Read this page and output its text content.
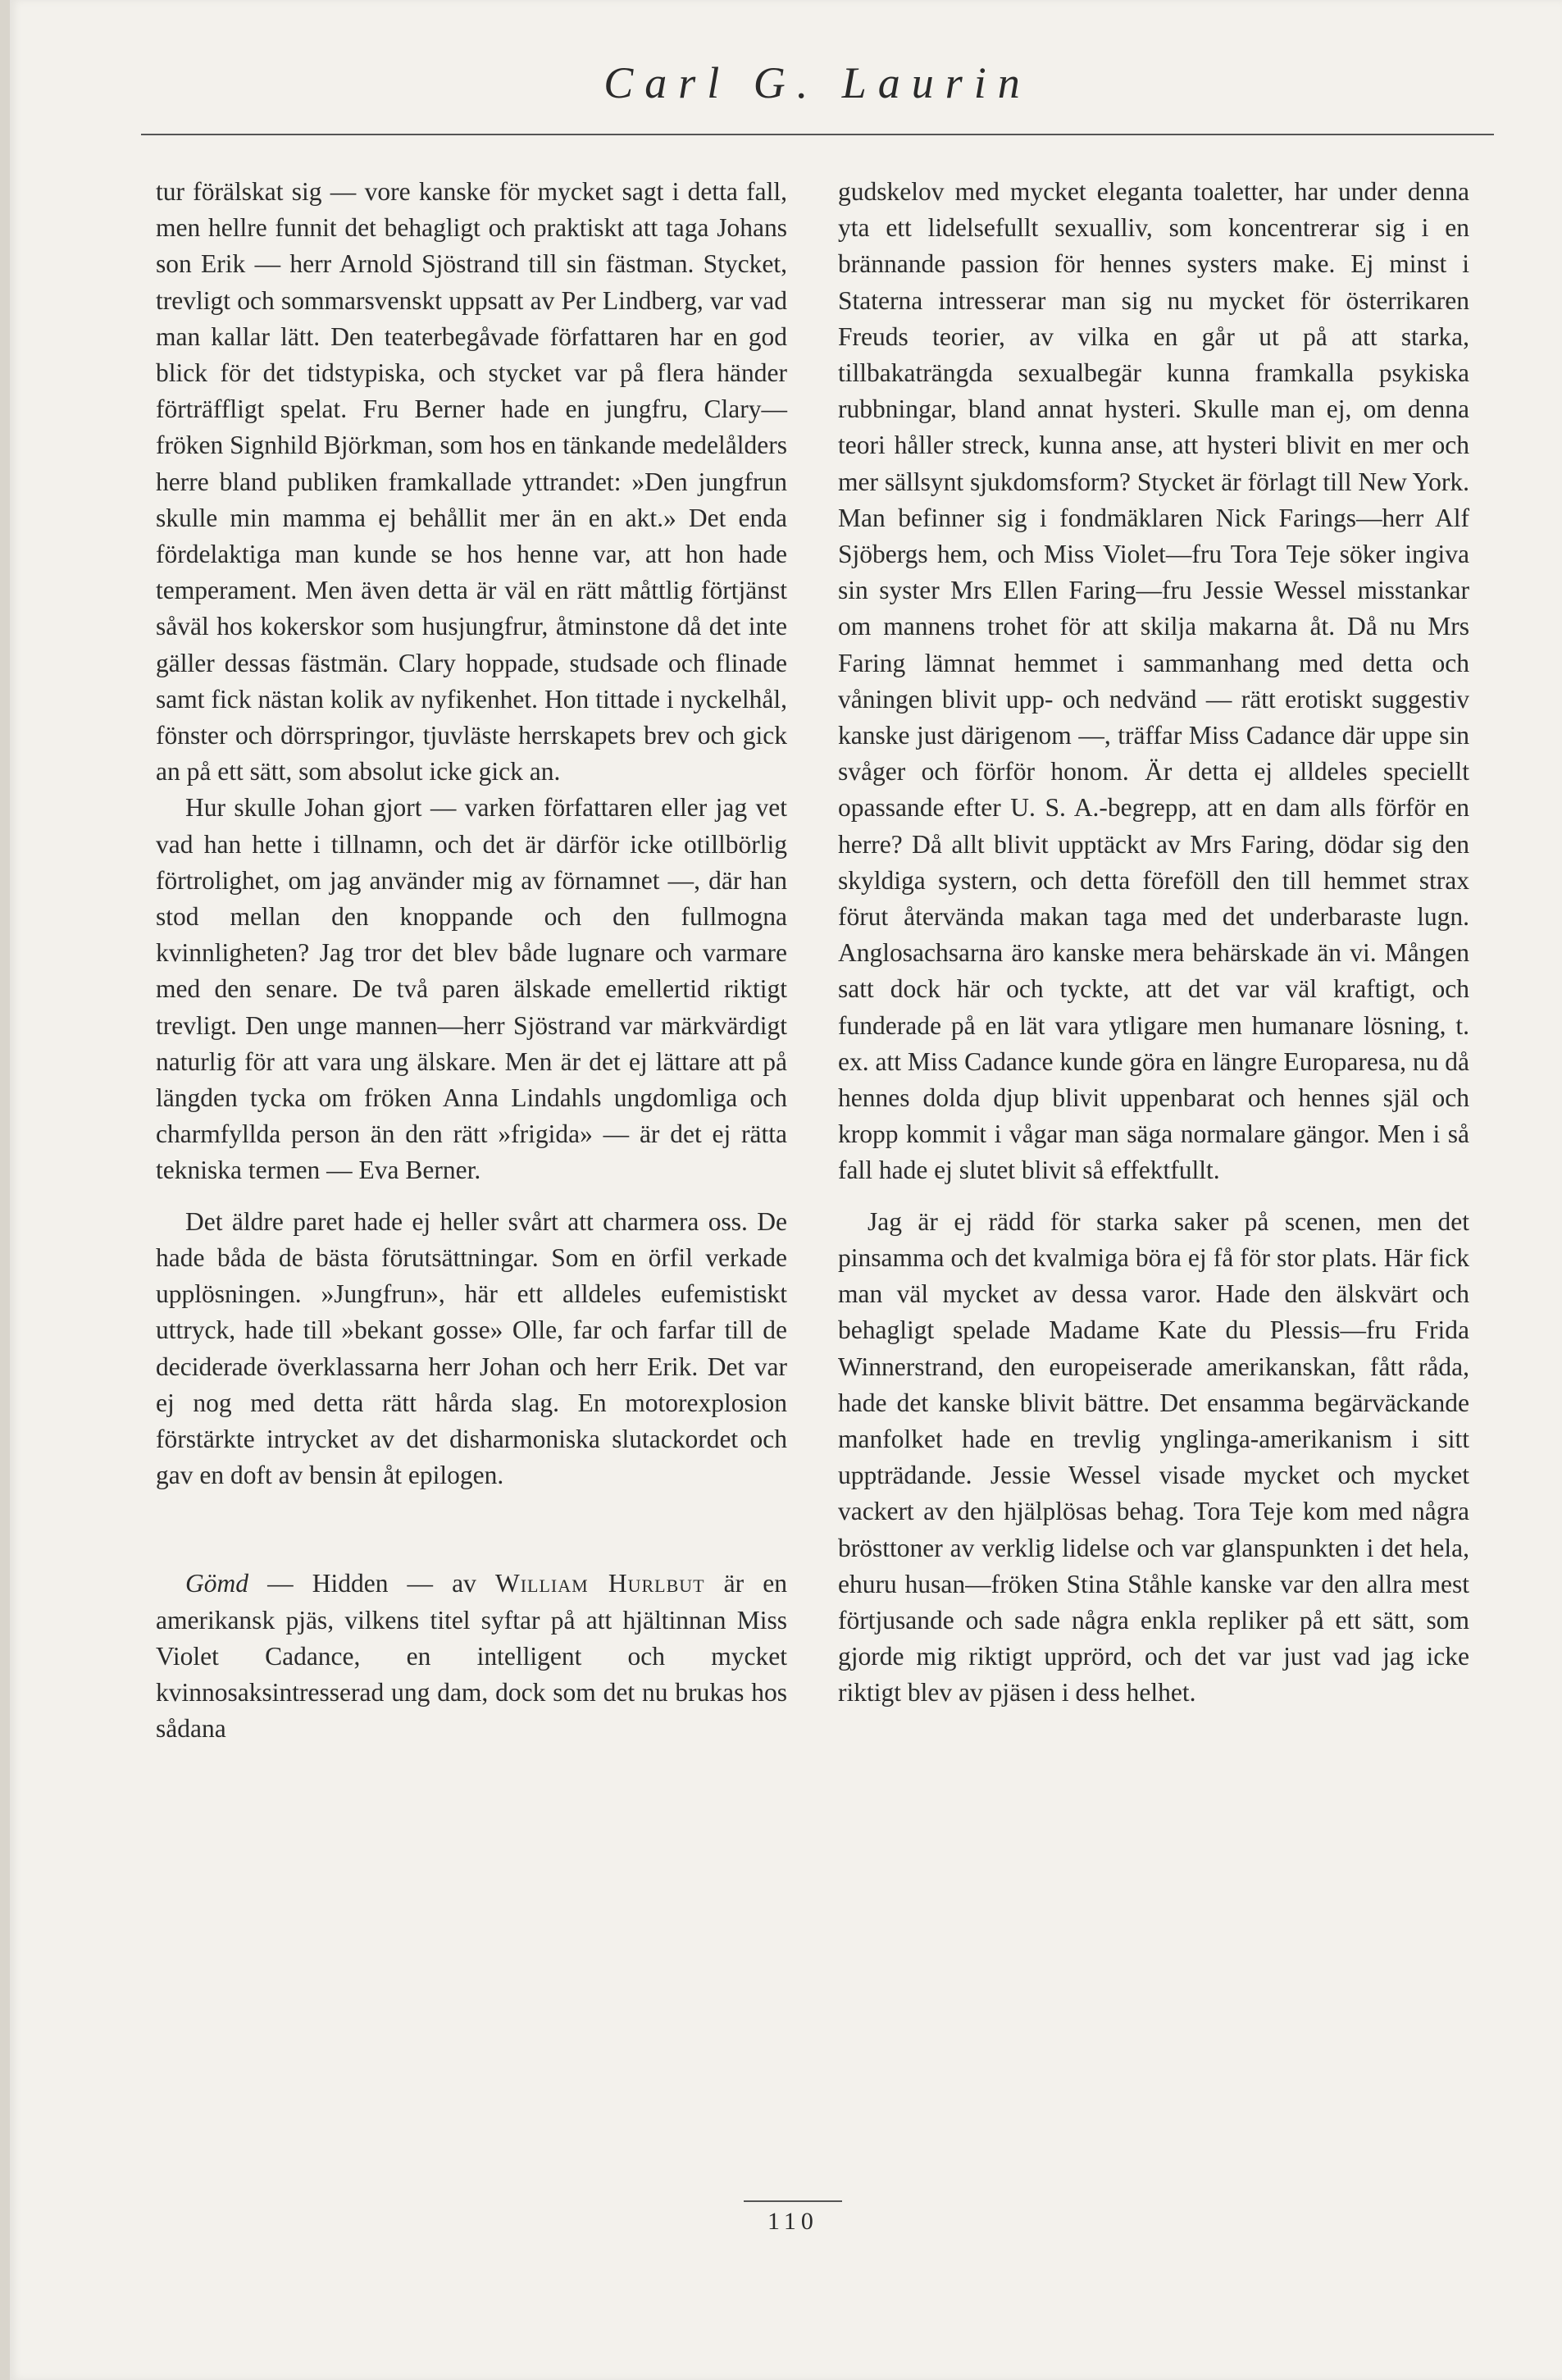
Carl G. Laurin

tur förälskat sig — vore kanske för mycket sagt i detta fall, men hellre funnit det behagligt och praktiskt att taga Johans son Erik — herr Arnold Sjöstrand till sin fästman. Stycket, trevligt och sommarsvenskt uppsatt av Per Lindberg, var vad man kallar lätt. Den teaterbegåvade författaren har en god blick för det tidstypiska, och stycket var på flera händer förträffligt spelat. Fru Berner hade en jungfru, Clary—fröken Signhild Björkman, som hos en tänkande medelålders herre bland publiken framkallade yttrandet: »Den jungfrun skulle min mamma ej behållit mer än en akt.» Det enda fördelaktiga man kunde se hos henne var, att hon hade temperament. Men även detta är väl en rätt måttlig förtjänst såväl hos kokerskor som husjungfrur, åtminstone då det inte gäller dessas fästmän. Clary hoppade, studsade och flinade samt fick nästan kolik av nyfikenhet. Hon tittade i nyckelhål, fönster och dörrspringor, tjuvläste herrskapets brev och gick an på ett sätt, som absolut icke gick an.

Hur skulle Johan gjort — varken författaren eller jag vet vad han hette i tillnamn, och det är därför icke otillbörlig förtrolighet, om jag använder mig av förnamnet —, där han stod mellan den knoppande och den fullmogna kvinnligheten? Jag tror det blev både lugnare och varmare med den senare. De två paren älskade emellertid riktigt trevligt. Den unge mannen—herr Sjöstrand var märkvärdigt naturlig för att vara ung älskare. Men är det ej lättare att på längden tycka om fröken Anna Lindahls ungdomliga och charmfyllda person än den rätt »frigida» — är det ej rätta tekniska termen — Eva Berner.

Det äldre paret hade ej heller svårt att charmera oss. De hade båda de bästa förutsättningar. Som en örfil verkade upplösningen. »Jungfrun», här ett alldeles eufemistiskt uttryck, hade till »bekant gosse» Olle, far och farfar till de deciderade överklassarna herr Johan och herr Erik. Det var ej nog med detta rätt hårda slag. En motorexplosion förstärkte intrycket av det disharmoniska slutackordet och gav en doft av bensin åt epilogen.

Gömd — Hidden — av William Hurlbut är en amerikansk pjäs, vilkens titel syftar på att hjältinnan Miss Violet Cadance, en intelligent och mycket kvinnosaksintresserad ung dam, dock som det nu brukas hos sådana

gudskelov med mycket eleganta toaletter, har under denna yta ett lidelsefullt sexualliv, som koncentrerar sig i en brännande passion för hennes systers make. Ej minst i Staterna intresserar man sig nu mycket för österrikaren Freuds teorier, av vilka en går ut på att starka, tillbakaträngda sexualbegär kunna framkalla psykiska rubbningar, bland annat hysteri. Skulle man ej, om denna teori håller streck, kunna anse, att hysteri blivit en mer och mer sällsynt sjukdomsform? Stycket är förlagt till New York. Man befinner sig i fondmäklaren Nick Farings—herr Alf Sjöbergs hem, och Miss Violet—fru Tora Teje söker ingiva sin syster Mrs Ellen Faring—fru Jessie Wessel misstankar om mannens trohet för att skilja makarna åt. Då nu Mrs Faring lämnat hemmet i sammanhang med detta och våningen blivit upp- och nedvänd — rätt erotiskt suggestiv kanske just därigenom —, träffar Miss Cadance där uppe sin svåger och förför honom. Är detta ej alldeles speciellt opassande efter U. S. A.-begrepp, att en dam alls förför en herre? Då allt blivit upptäckt av Mrs Faring, dödar sig den skyldiga systern, och detta föreföll den till hemmet strax förut återvända makan taga med det underbaraste lugn. Anglosachsarna äro kanske mera behärskade än vi. Mången satt dock här och tyckte, att det var väl kraftigt, och funderade på en lät vara ytligare men humanare lösning, t. ex. att Miss Cadance kunde göra en längre Europaresa, nu då hennes dolda djup blivit uppenbarat och hennes själ och kropp kommit i vågar man säga normalare gängor. Men i så fall hade ej slutet blivit så effektfullt.

Jag är ej rädd för starka saker på scenen, men det pinsamma och det kvalmiga böra ej få för stor plats. Här fick man väl mycket av dessa varor. Hade den älskvärt och behagligt spelade Madame Kate du Plessis—fru Frida Winnerstrand, den europeiserade amerikanskan, fått råda, hade det kanske blivit bättre. Det ensamma begärväckande manfolket hade en trevlig ynglinga-amerikanism i sitt uppträdande. Jessie Wessel visade mycket och mycket vackert av den hjälplösas behag. Tora Teje kom med några brösttoner av verklig lidelse och var glanspunkten i det hela, ehuru husan—fröken Stina Ståhle kanske var den allra mest förtjusande och sade några enkla repliker på ett sätt, som gjorde mig riktigt upprörd, och det var just vad jag icke riktigt blev av pjäsen i dess helhet.

110
